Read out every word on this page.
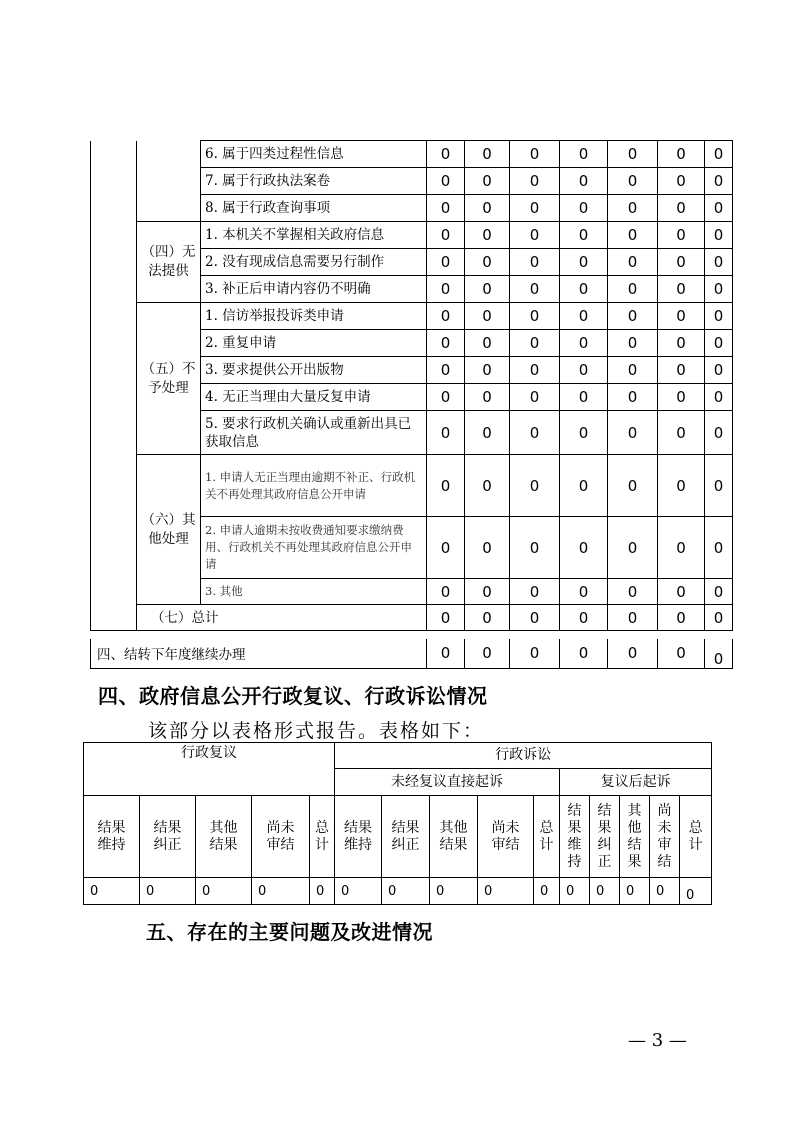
		6. 属于四类过程性信息	0	0	0	0	0	0	0
		7. 属于行政执法案卷	0	0	0	0	0	0	0
		8. 属于行政查询事项	0	0	0	0	0	0	0
	（四）无法提供	1. 本机关不掌握相关政府信息	0	0	0	0	0	0	0
		2. 没有现成信息需要另行制作	0	0	0	0	0	0	0
		3. 补正后申请内容仍不明确	0	0	0	0	0	0	0
	（五）不予处理	1. 信访举报投诉类申请	0	0	0	0	0	0	0
		2. 重复申请	0	0	0	0	0	0	0
		3. 要求提供公开出版物	0	0	0	0	0	0	0
		4. 无正当理由大量反复申请	0	0	0	0	0	0	0
		5. 要求行政机关确认或重新出具已获取信息	0	0	0	0	0	0	0
	（六）其他处理	1. 申请人无正当理由逾期不补正、行政机关不再处理其政府信息公开申请	0	0	0	0	0	0	0
		2. 申请人逾期未按收费通知要求缴纳费用、行政机关不再处理其政府信息公开申请	0	0	0	0	0	0	0
		3. 其他	0	0	0	0	0	0	0
	（七）总计		0	0	0	0	0	0	0
四、结转下年度继续办理	0	0	0	0	0	0	0
四、政府信息公开行政复议、行政诉讼情况

该部分以表格形式报告。表格如下：

行政复议					行政诉讼									
					未经复议直接起诉					复议后起诉				

结果维持	结果纠正	其他结果	尚未审结	总计	结果维持	结果纠正	其他结果	尚未审结	总计	结果维持	结果纠正	其他结果	尚未审结	总计

0	0	0	0	0	0	0	0	0	0	0	0	0	0	0
五、存在的主要问题及改进情况

— 3 —
